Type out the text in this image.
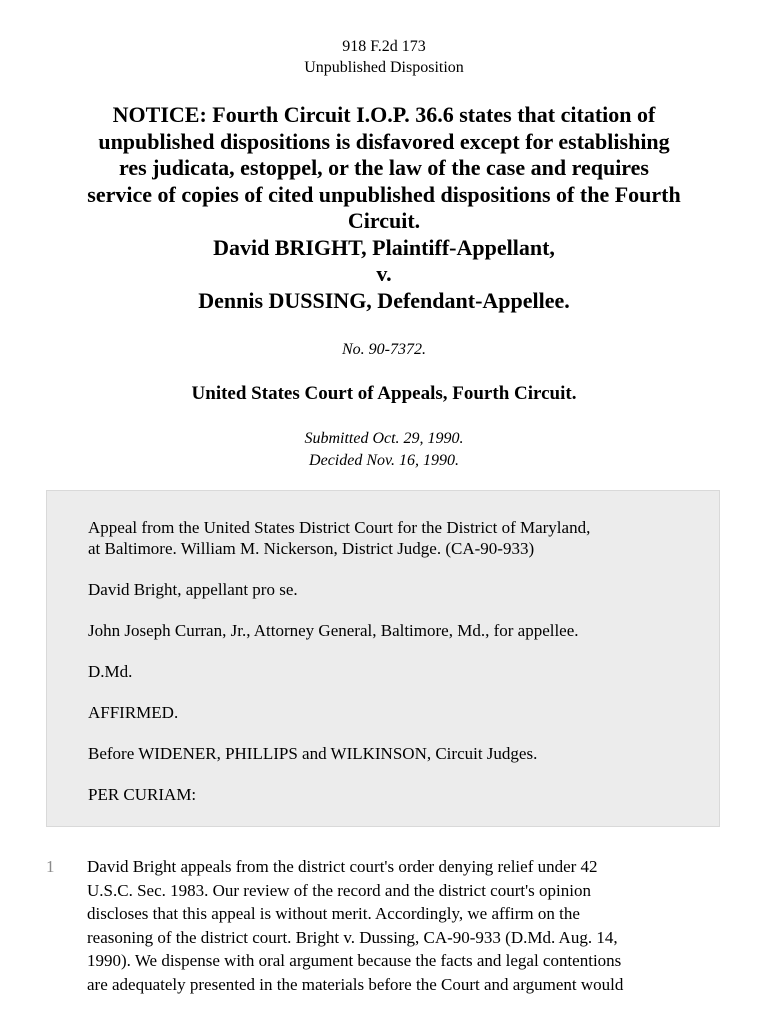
918 F.2d 173
Unpublished Disposition
NOTICE: Fourth Circuit I.O.P. 36.6 states that citation of
unpublished dispositions is disfavored except for establishing
res judicata, estoppel, or the law of the case and requires
service of copies of cited unpublished dispositions of the Fourth
Circuit.
David BRIGHT, Plaintiff-Appellant,
v.
Dennis DUSSING, Defendant-Appellee.
No. 90-7372.
United States Court of Appeals, Fourth Circuit.
Submitted Oct. 29, 1990.
Decided Nov. 16, 1990.

Appeal from the United States District Court for the District of Maryland,
at Baltimore. William M. Nickerson, District Judge. (CA-90-933)

David Bright, appellant pro se.

John Joseph Curran, Jr., Attorney General, Baltimore, Md., for appellee.

D.Md.

AFFIRMED.

Before WIDENER, PHILLIPS and WILKINSON, Circuit Judges.

PER CURIAM:

1 David Bright appeals from the district court's order denying relief under 42
U.S.C. Sec. 1983. Our review of the record and the district court's opinion
discloses that this appeal is without merit. Accordingly, we affirm on the
reasoning of the district court. Bright v. Dussing, CA-90-933 (D.Md. Aug. 14,
1990). We dispense with oral argument because the facts and legal contentions
are adequately presented in the materials before the Court and argument would
